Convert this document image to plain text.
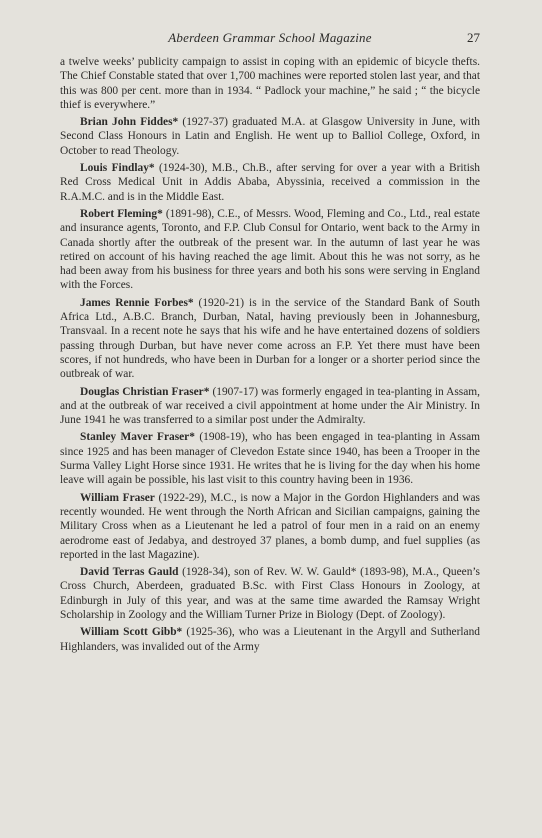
Aberdeen Grammar School Magazine	27

a twelve weeks’ publicity campaign to assist in coping with an epidemic of bicycle thefts. The Chief Constable stated that over 1,700 machines were reported stolen last year, and that this was 800 per cent. more than in 1934. “ Padlock your machine,” he said ; “ the bicycle thief is everywhere.”

Brian John Fiddes* (1927-37) graduated M.A. at Glasgow University in June, with Second Class Honours in Latin and English. He went up to Balliol College, Oxford, in October to read Theology.

Louis Findlay* (1924-30), M.B., Ch.B., after serving for over a year with a British Red Cross Medical Unit in Addis Ababa, Abyssinia, received a commission in the R.A.M.C. and is in the Middle East.

Robert Fleming* (1891-98), C.E., of Messrs. Wood, Fleming and Co., Ltd., real estate and insurance agents, Toronto, and F.P. Club Consul for Ontario, went back to the Army in Canada shortly after the outbreak of the present war. In the autumn of last year he was retired on account of his having reached the age limit. About this he was not sorry, as he had been away from his business for three years and both his sons were serving in England with the Forces.

James Rennie Forbes* (1920-21) is in the service of the Standard Bank of South Africa Ltd., A.B.C. Branch, Durban, Natal, having previously been in Johannesburg, Transvaal. In a recent note he says that his wife and he have entertained dozens of soldiers passing through Durban, but have never come across an F.P. Yet there must have been scores, if not hundreds, who have been in Durban for a longer or a shorter period since the outbreak of war.

Douglas Christian Fraser* (1907-17) was formerly engaged in tea-planting in Assam, and at the outbreak of war received a civil appointment at home under the Air Ministry. In June 1941 he was transferred to a similar post under the Admiralty.

Stanley Maver Fraser* (1908-19), who has been engaged in tea-planting in Assam since 1925 and has been manager of Clevedon Estate since 1940, has been a Trooper in the Surma Valley Light Horse since 1931. He writes that he is living for the day when his home leave will again be possible, his last visit to this country having been in 1936.

William Fraser (1922-29), M.C., is now a Major in the Gordon Highlanders and was recently wounded. He went through the North African and Sicilian campaigns, gaining the Military Cross when as a Lieutenant he led a patrol of four men in a raid on an enemy aerodrome east of Jedabya, and destroyed 37 planes, a bomb dump, and fuel supplies (as reported in the last Magazine).

David Terras Gauld (1928-34), son of Rev. W. W. Gauld* (1893-98), M.A., Queen’s Cross Church, Aberdeen, graduated B.Sc. with First Class Honours in Zoology, at Edinburgh in July of this year, and was at the same time awarded the Ramsay Wright Scholarship in Zoology and the William Turner Prize in Biology (Dept. of Zoology).

William Scott Gibb* (1925-36), who was a Lieutenant in the Argyll and Sutherland Highlanders, was invalided out of the Army
